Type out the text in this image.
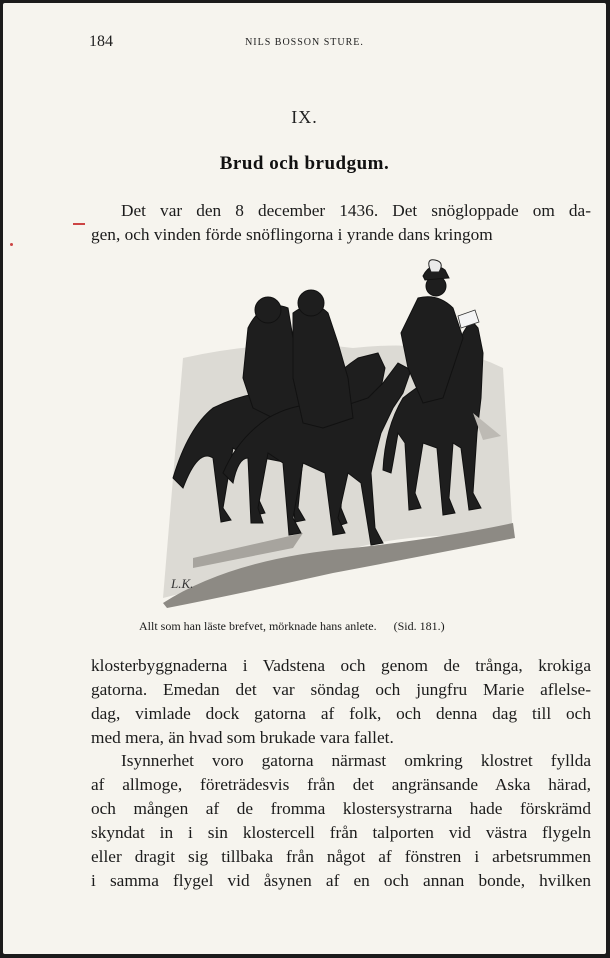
184	NILS BOSSON STURE.
IX.
Brud och brudgum.
Det var den 8 december 1436. Det snögloppade om da-
gen, och vinden förde snöflingorna i yrande dans kringom
L.K.
Allt som han läste brefvet, mörknade hans anlete. (Sid. 181.)
klosterbyggnaderna i Vadstena och genom de trånga, krokiga
gatorna. Emedan det var söndag och jungfru Marie aflelse-
dag, vimlade dock gatorna af folk, och denna dag till och
med mera, än hvad som brukade vara fallet.
Isynnerhet voro gatorna närmast omkring klostret fyllda
af allmoge, företrädesvis från det angränsande Aska härad,
och mången af de fromma klostersystrarna hade förskrämd
skyndat in i sin klostercell från talporten vid västra flygeln
eller dragit sig tillbaka från något af fönstren i arbetsrummen
i samma flygel vid åsynen af en och annan bonde, hvilken
